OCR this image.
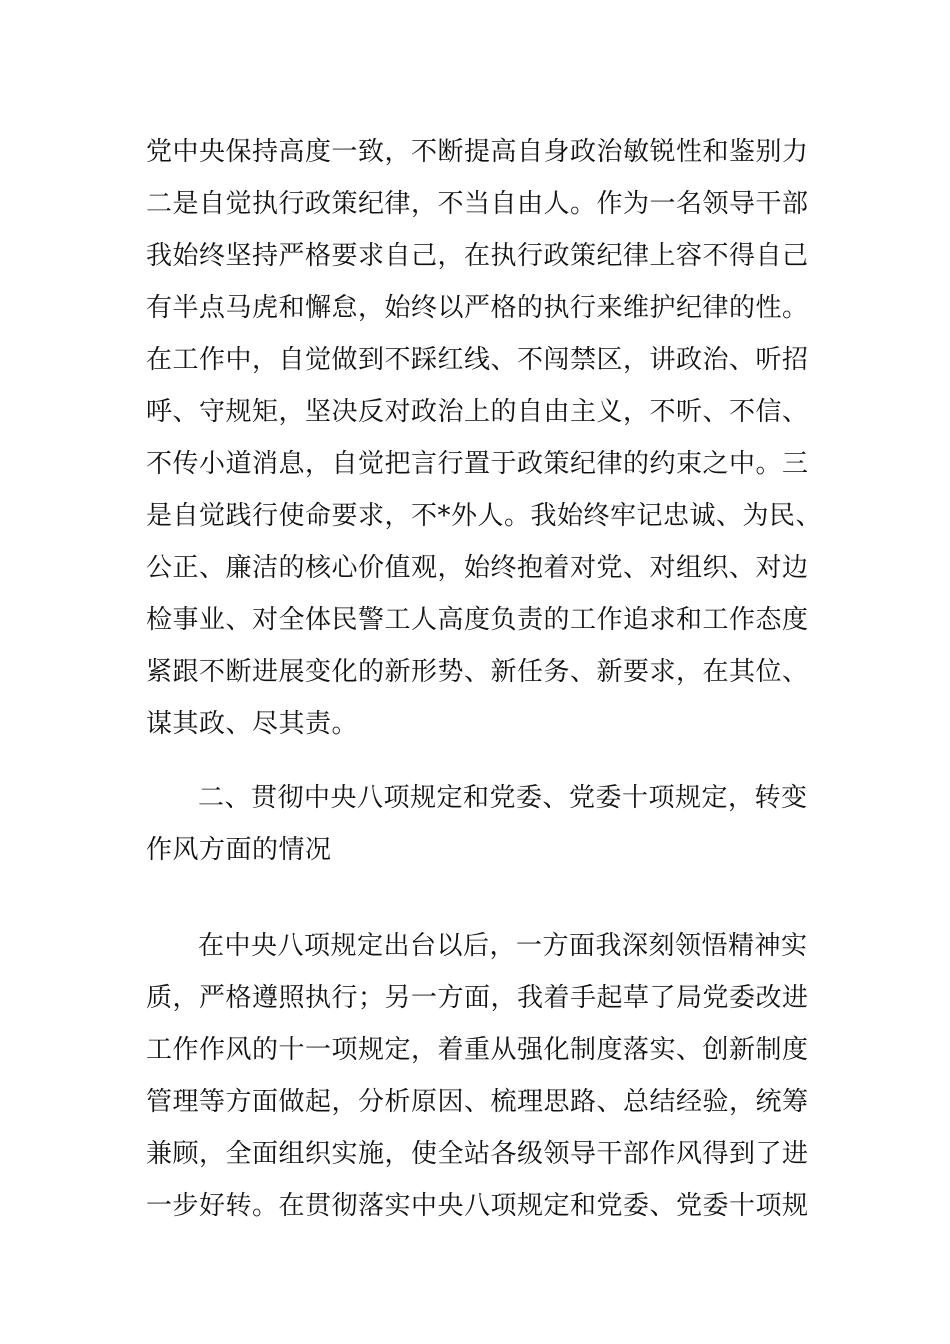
党中央保持高度一致，不断提高自身政治敏锐性和鉴别力
二是自觉执行政策纪律，不当自由人。作为一名领导干部
我始终坚持严格要求自己，在执行政策纪律上容不得自己
有半点马虎和懈怠，始终以严格的执行来维护纪律的性。
在工作中，自觉做到不踩红线、不闯禁区，讲政治、听招
呼、守规矩，坚决反对政治上的自由主义，不听、不信、
不传小道消息，自觉把言行置于政策纪律的约束之中。三
是自觉践行使命要求，不*外人。我始终牢记忠诚、为民、
公正、廉洁的核心价值观，始终抱着对党、对组织、对边
检事业、对全体民警工人高度负责的工作追求和工作态度
紧跟不断进展变化的新形势、新任务、新要求，在其位、
谋其政、尽其责。
二、贯彻中央八项规定和党委、党委十项规定，转变
作风方面的情况
在中央八项规定出台以后，一方面我深刻领悟精神实
质，严格遵照执行；另一方面，我着手起草了局党委改进
工作作风的十一项规定，着重从强化制度落实、创新制度
管理等方面做起，分析原因、梳理思路、总结经验，统筹
兼顾，全面组织实施，使全站各级领导干部作风得到了进
一步好转。在贯彻落实中央八项规定和党委、党委十项规
